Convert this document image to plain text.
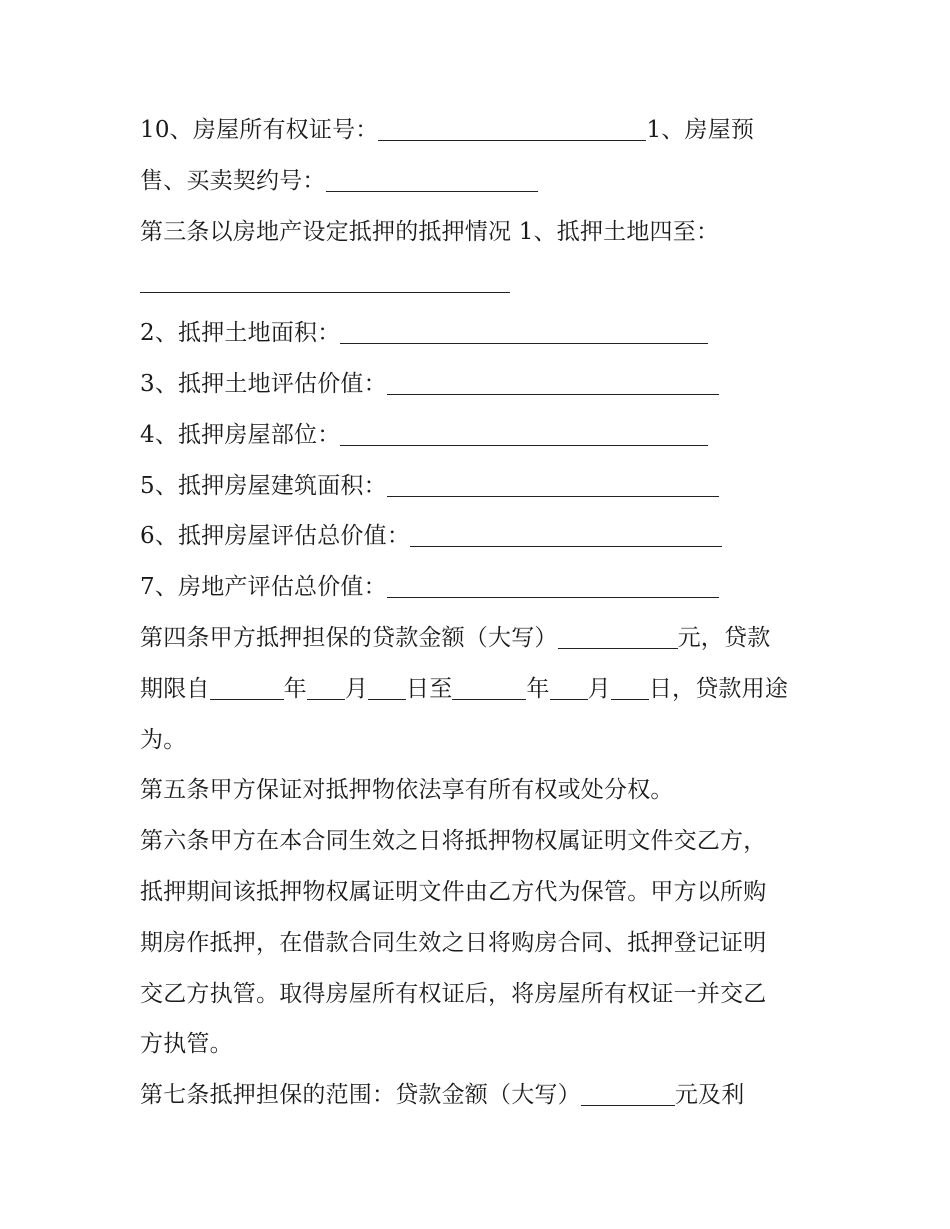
10、房屋所有权证号：	1、房屋预
售、买卖契约号：
第三条以房地产设定抵押的抵押情况 1、抵押土地四至：
2、抵押土地面积：
3、抵押土地评估价值：
4、抵押房屋部位：
5、抵押房屋建筑面积：
6、抵押房屋评估总价值：
7、房地产评估总价值：
第四条甲方抵押担保的贷款金额（大写）	元，贷款
期限自	年 月 日至	年 月 日，贷款用途
为。
第五条甲方保证对抵押物依法享有所有权或处分权。
第六条甲方在本合同生效之日将抵押物权属证明文件交乙方，
抵押期间该抵押物权属证明文件由乙方代为保管。甲方以所购
期房作抵押，在借款合同生效之日将购房合同、抵押登记证明
交乙方执管。取得房屋所有权证后，将房屋所有权证一并交乙
方执管。
第七条抵押担保的范围：贷款金额（大写）	元及利
